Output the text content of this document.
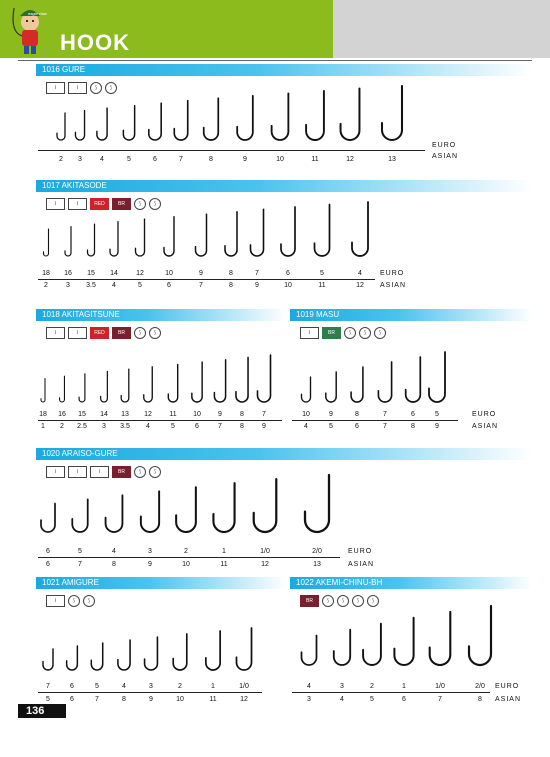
eagle claw
HOOK
1016 GURE
⌇	⌇	⟆	⟆
1017 AKITASODE
⌇	⌇	RED	BR	⟆	⟆
1018 AKITAGITSUNE
⌇	⌇	RED	BR	⟆	⟆
1019 MASU
⌇	BR	⟆	⟆	⟆
1020 ARAISO-GURE
⌇	⌇	⌇	BR	⟆	⟆
1021 AMIGURE
⌇	⟆	⟆
1022 AKEMI-CHINU-BH
BR	⟆	⟆	⟆	⟆
136
2	3	4	5	6	7	8	9	10	11	12	13
EURO
ASIAN
18	16	15	14	12	10	9	8	7	6	5	4
2	3	3.5	4	5	6	7	8	9	10	11	12
EURO
ASIAN
18	16	15	14	13	12	11	10	9	8	7
1	2	2.5	3	3.5	4	5	6	7	8	9
10	9	8	7	6	5
4	5	6	7	8	9
EURO
ASIAN
6	5	4	3	2	1	1/0	2/0
6	7	8	9	10	11	12	13
EURO
ASIAN
7	6	5	4	3	2	1	1/0
5	6	7	8	9	10	11	12
4	3	2	1	1/0	2/0
3	4	5	6	7	8
EURO
ASIAN
